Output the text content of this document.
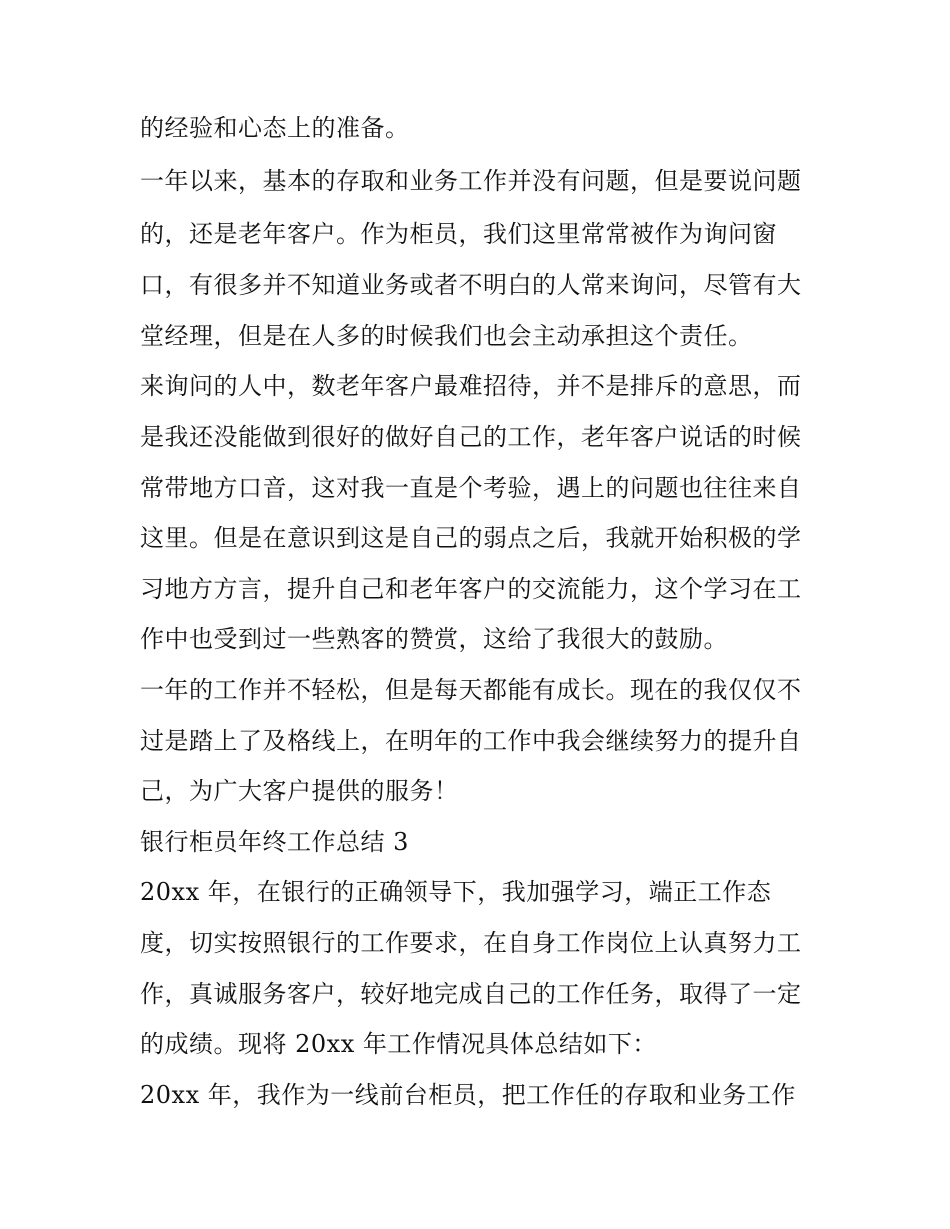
的经验和心态上的准备。
一年以来，基本的存取和业务工作并没有问题，但是要说问题
的，还是老年客户。作为柜员，我们这里常常被作为询问窗
口，有很多并不知道业务或者不明白的人常来询问，尽管有大
堂经理，但是在人多的时候我们也会主动承担这个责任。
来询问的人中，数老年客户最难招待，并不是排斥的意思，而
是我还没能做到很好的做好自己的工作，老年客户说话的时候
常带地方口音，这对我一直是个考验，遇上的问题也往往来自
这里。但是在意识到这是自己的弱点之后，我就开始积极的学
习地方方言，提升自己和老年客户的交流能力，这个学习在工
作中也受到过一些熟客的赞赏，这给了我很大的鼓励。
一年的工作并不轻松，但是每天都能有成长。现在的我仅仅不
过是踏上了及格线上，在明年的工作中我会继续努力的提升自
己，为广大客户提供的服务！
银行柜员年终工作总结 3
20xx 年，在银行的正确领导下，我加强学习，端正工作态
度，切实按照银行的工作要求，在自身工作岗位上认真努力工
作，真诚服务客户，较好地完成自己的工作任务，取得了一定
的成绩。现将 20xx 年工作情况具体总结如下：
20xx 年，我作为一线前台柜员，把工作任的存取和业务工作
